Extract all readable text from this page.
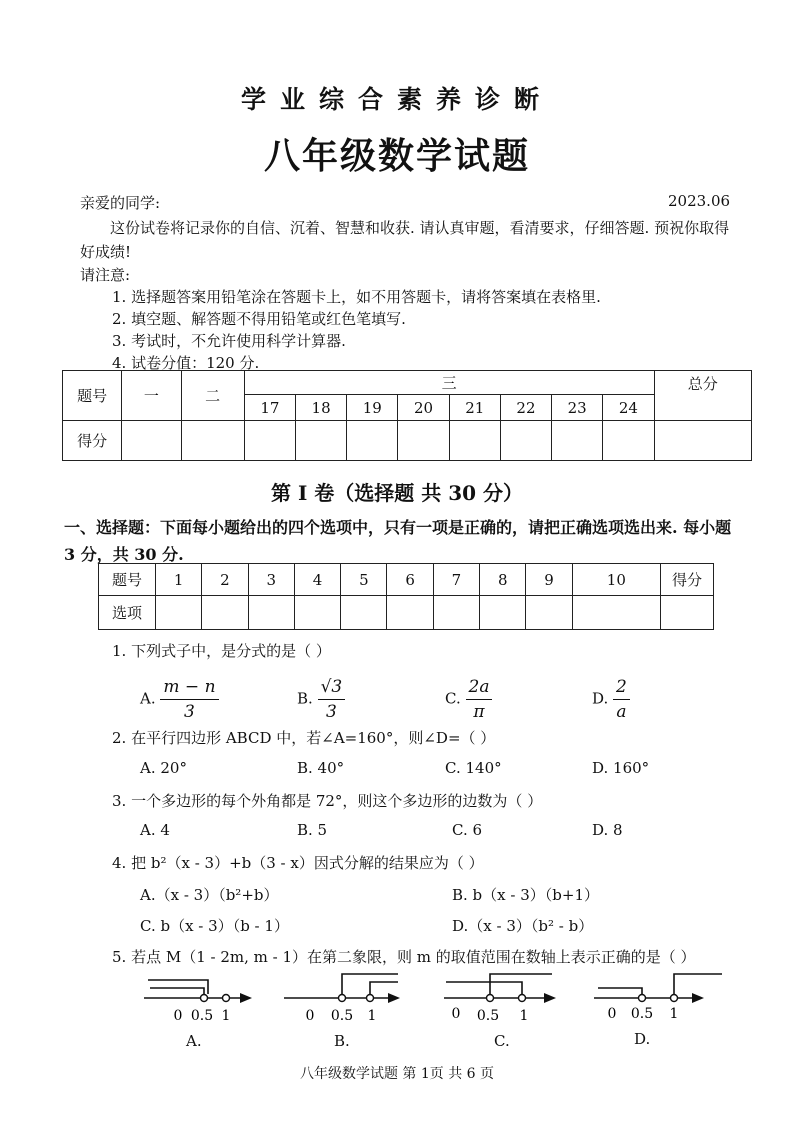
学业综合素养诊断
八年级数学试题
亲爱的同学:	2023.06
这份试卷将记录你的自信、沉着、智慧和收获. 请认真审题，看清要求，仔细答题. 预祝你取得好成绩!
请注意:
1. 选择题答案用铅笔涂在答题卡上，如不用答题卡，请将答案填在表格里.
2. 填空题、解答题不得用铅笔或红色笔填写.
3. 考试时，不允许使用科学计算器.
4. 试卷分值：120 分.
题号	一	二	三								总分
			17	18	19	20	21	22	23	24	
得分											
第 I 卷（选择题 共 30 分）
一、选择题：下面每小题给出的四个选项中，只有一项是正确的，请把正确选项选出来. 每小题 3 分，共 30 分.
题号	1	2	3	4	5	6	7	8	9	10	得分
选项											
1. 下列式子中，是分式的是（ ）
A. $\frac{m - n}{3}$	B. $\frac{√3}{3}$	C. $\frac{2a}{\pi}$	D. $\frac{2}{a}$
2. 在平行四边形 ABCD 中，若∠A=160°，则∠D=（ ）
A. 20°	B. 40°	C. 140°	D. 160°
3. 一个多边形的每个外角都是 72°，则这个多边形的边数为（ ）
A. 4	B. 5	C. 6	D. 8
4. 把 b²（x - 3）+b（3 - x）因式分解的结果应为（ ）
A.（x - 3）（b²+b）	B. b（x - 3）（b+1）
C. b（x - 3）（b - 1）	D.（x - 3）（b² - b）
5. 若点 M（1 - 2m, m - 1）在第二象限，则 m 的取值范围在数轴上表示正确的是（ ）
0 0.5 1
A.
0 0.5 1
B.
0 0.5 1
C.
0 0.5 1
D.
八年级数学试题 第 1页 共 6 页
